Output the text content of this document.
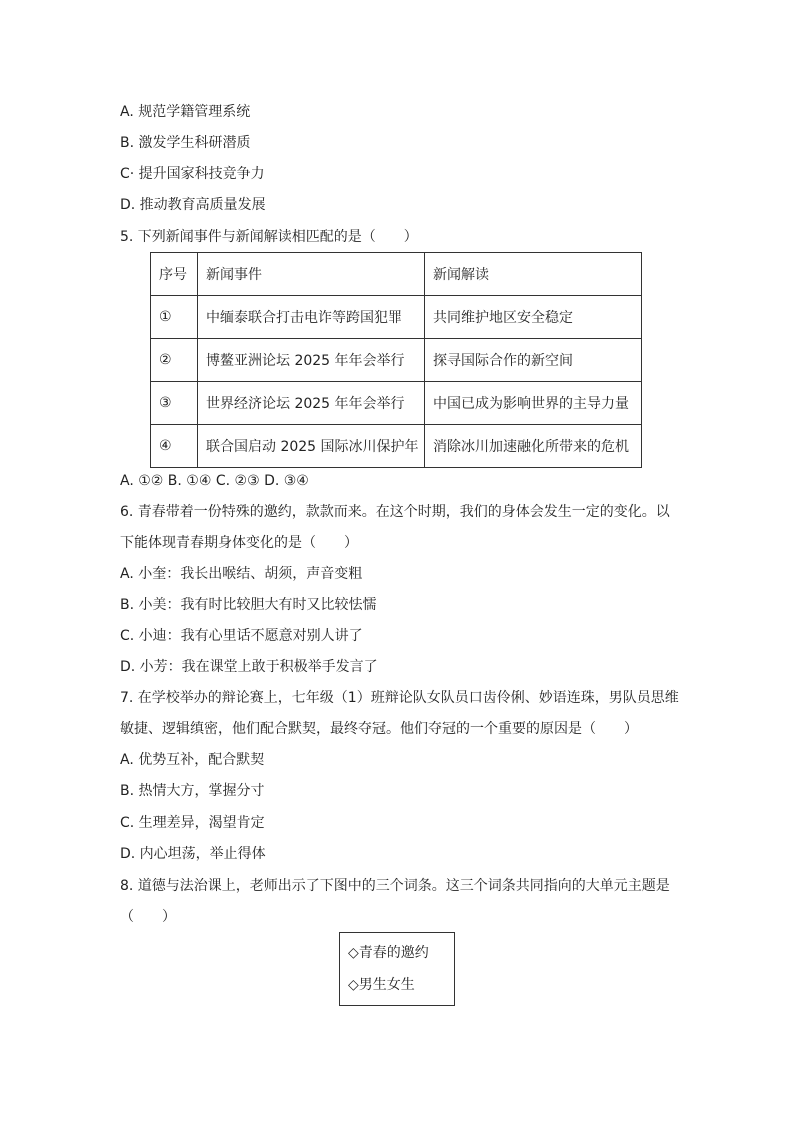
A. 规范学籍管理系统
B. 激发学生科研潜质
C· 提升国家科技竞争力
D. 推动教育高质量发展
5. 下列新闻事件与新闻解读相匹配的是（　　）
序号	新闻事件	新闻解读
①	中缅泰联合打击电诈等跨国犯罪	共同维护地区安全稳定
②	博鳌亚洲论坛 2025 年年会举行	探寻国际合作的新空间
③	世界经济论坛 2025 年年会举行	中国已成为影响世界的主导力量
④	联合国启动 2025 国际冰川保护年	消除冰川加速融化所带来的危机
A. ①② B. ①④ C. ②③ D. ③④
6. 青春带着一份特殊的邀约，款款而来。在这个时期，我们的身体会发生一定的变化。以
下能体现青春期身体变化的是（　　）
A. 小奎：我长出喉结、胡须，声音变粗
B. 小美：我有时比较胆大有时又比较怯懦
C. 小迪：我有心里话不愿意对别人讲了
D. 小芳：我在课堂上敢于积极举手发言了
7. 在学校举办的辩论赛上，七年级（1）班辩论队女队员口齿伶俐、妙语连珠，男队员思维
敏捷、逻辑缜密，他们配合默契，最终夺冠。他们夺冠的一个重要的原因是（　　）
A. 优势互补，配合默契
B. 热情大方，掌握分寸
C. 生理差异，渴望肯定
D. 内心坦荡，举止得体
8. 道德与法治课上，老师出示了下图中的三个词条。这三个词条共同指向的大单元主题是
（　　）
◇青春的邀约
◇男生女生
